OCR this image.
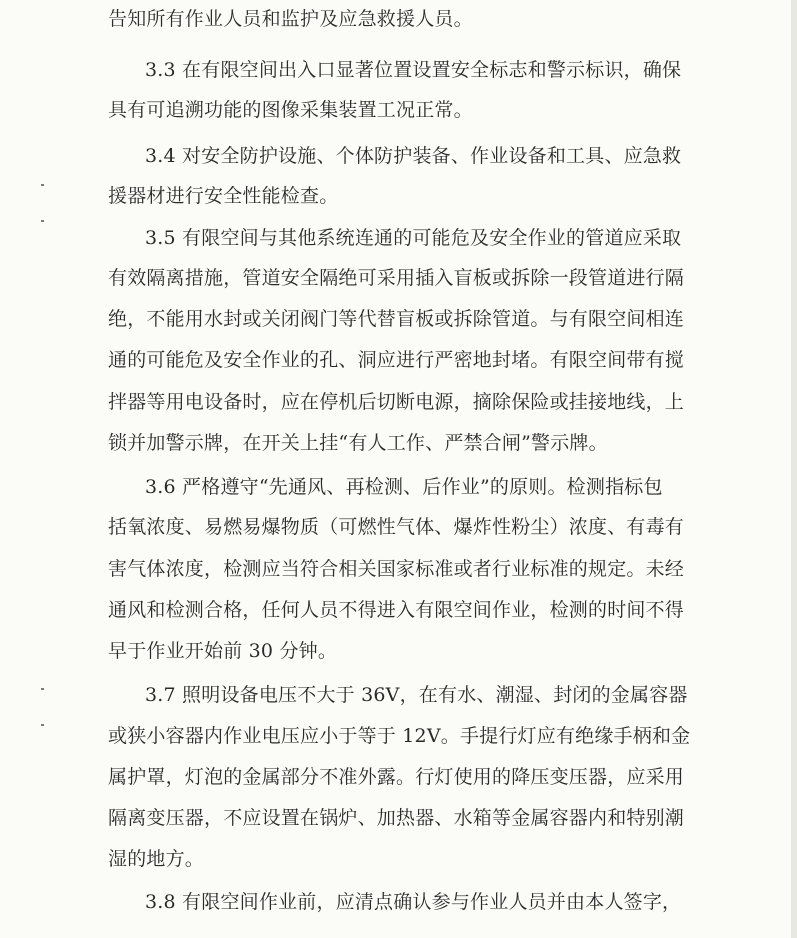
告知所有作业人员和监护及应急救援人员。
3.3 在有限空间出入口显著位置设置安全标志和警示标识，确保
具有可追溯功能的图像采集装置工况正常。
3.4 对安全防护设施、个体防护装备、作业设备和工具、应急救
援器材进行安全性能检查。
3.5 有限空间与其他系统连通的可能危及安全作业的管道应采取
有效隔离措施，管道安全隔绝可采用插入盲板或拆除一段管道进行隔
绝，不能用水封或关闭阀门等代替盲板或拆除管道。与有限空间相连
通的可能危及安全作业的孔、洞应进行严密地封堵。有限空间带有搅
拌器等用电设备时，应在停机后切断电源，摘除保险或挂接地线，上
锁并加警示牌，在开关上挂“有人工作、严禁合闸”警示牌。
3.6 严格遵守“先通风、再检测、后作业”的原则。检测指标包
括氧浓度、易燃易爆物质（可燃性气体、爆炸性粉尘）浓度、有毒有
害气体浓度，检测应当符合相关国家标准或者行业标准的规定。未经
通风和检测合格，任何人员不得进入有限空间作业，检测的时间不得
早于作业开始前 30 分钟。
3.7 照明设备电压不大于 36V，在有水、潮湿、封闭的金属容器
或狭小容器内作业电压应小于等于 12V。手提行灯应有绝缘手柄和金
属护罩，灯泡的金属部分不准外露。行灯使用的降压变压器，应采用
隔离变压器，不应设置在锅炉、加热器、水箱等金属容器内和特别潮
湿的地方。
3.8 有限空间作业前，应清点确认参与作业人员并由本人签字，
